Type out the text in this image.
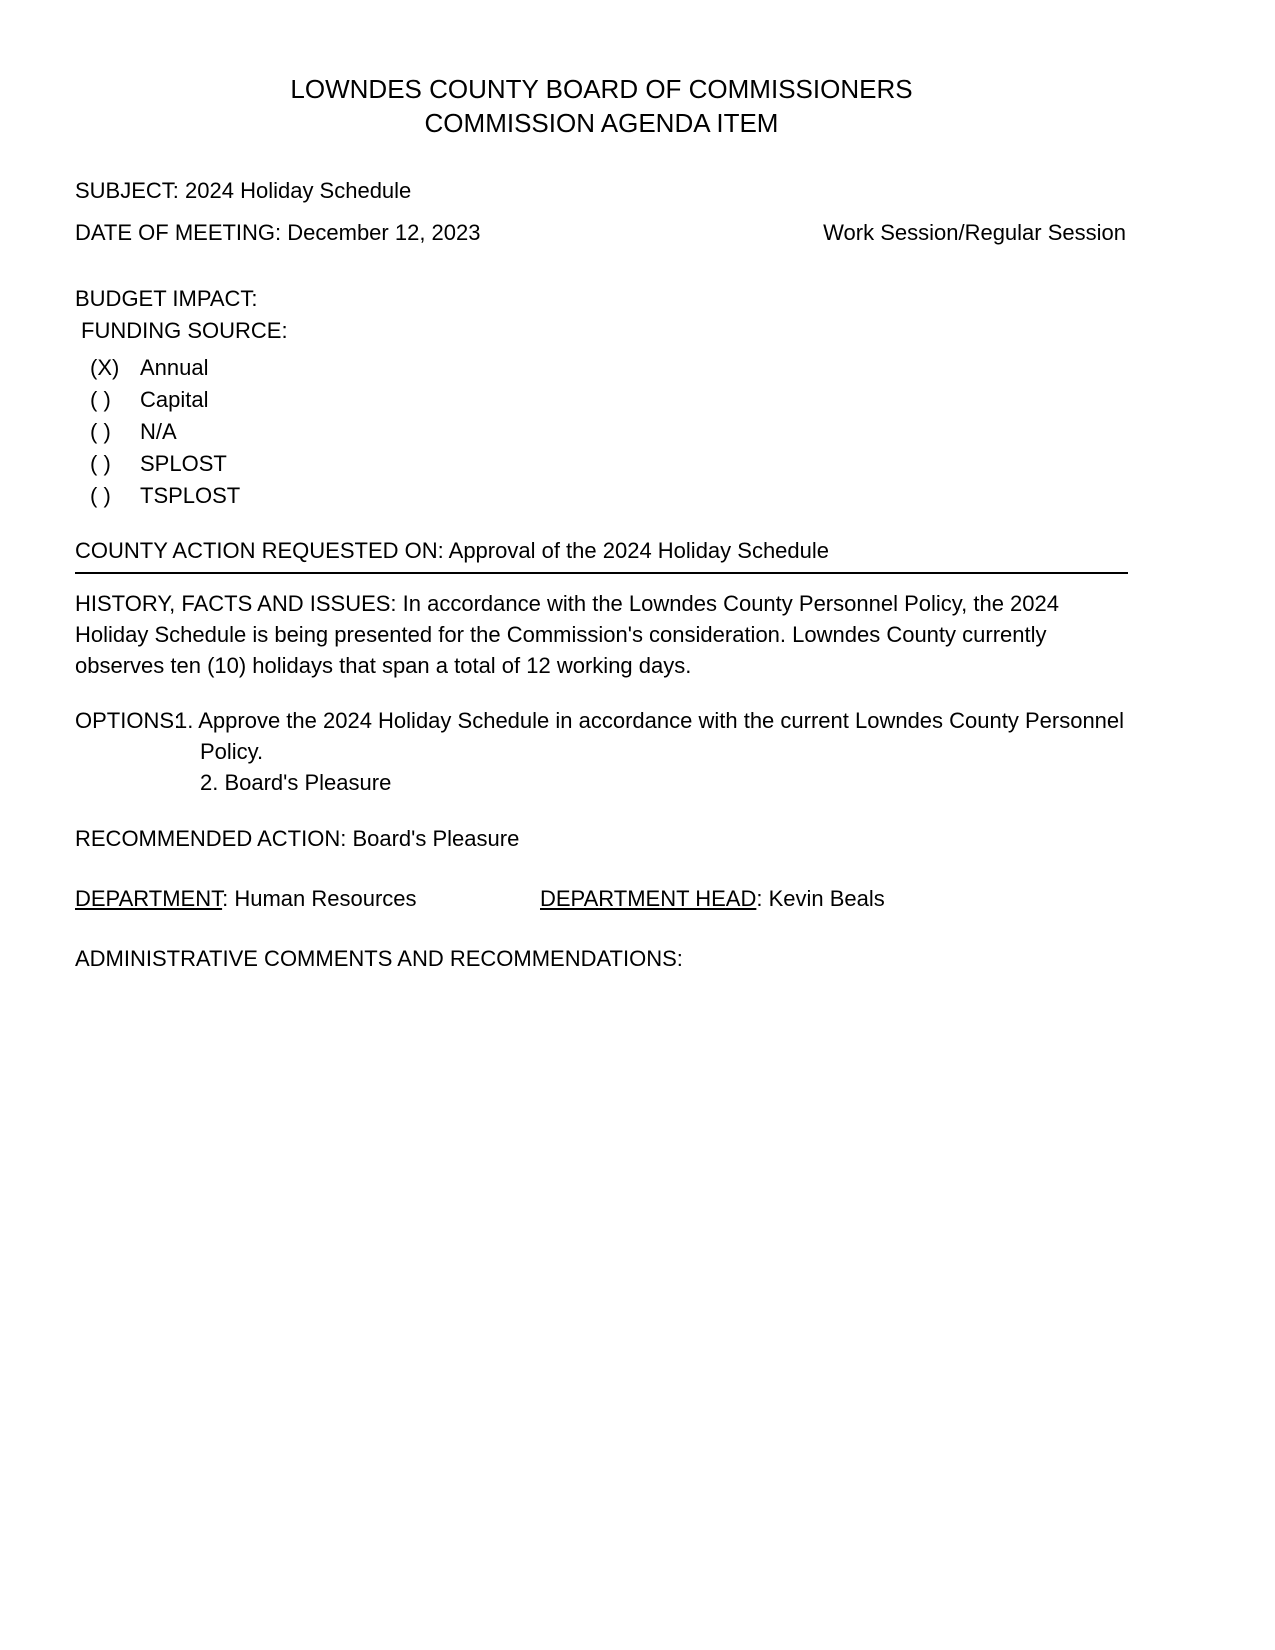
LOWNDES COUNTY BOARD OF COMMISSIONERS
COMMISSION AGENDA ITEM
SUBJECT: 2024 Holiday Schedule
DATE OF MEETING: December 12, 2023	Work Session/Regular Session
BUDGET IMPACT:
FUNDING SOURCE:
(X) Annual
( )	Capital
( )	N/A
( )	SPLOST
( )	TSPLOST
COUNTY ACTION REQUESTED ON: Approval of the 2024 Holiday Schedule
HISTORY, FACTS AND ISSUES: In accordance with the Lowndes County Personnel Policy, the 2024 Holiday Schedule is being presented for the Commission's consideration. Lowndes County currently observes ten (10) holidays that span a total of 12 working days.
OPTIONS:
1. Approve the 2024 Holiday Schedule in accordance with the current Lowndes County Personnel Policy.
2. Board's Pleasure
RECOMMENDED ACTION: Board's Pleasure
DEPARTMENT: Human Resources	DEPARTMENT HEAD: Kevin Beals
ADMINISTRATIVE COMMENTS AND RECOMMENDATIONS:
